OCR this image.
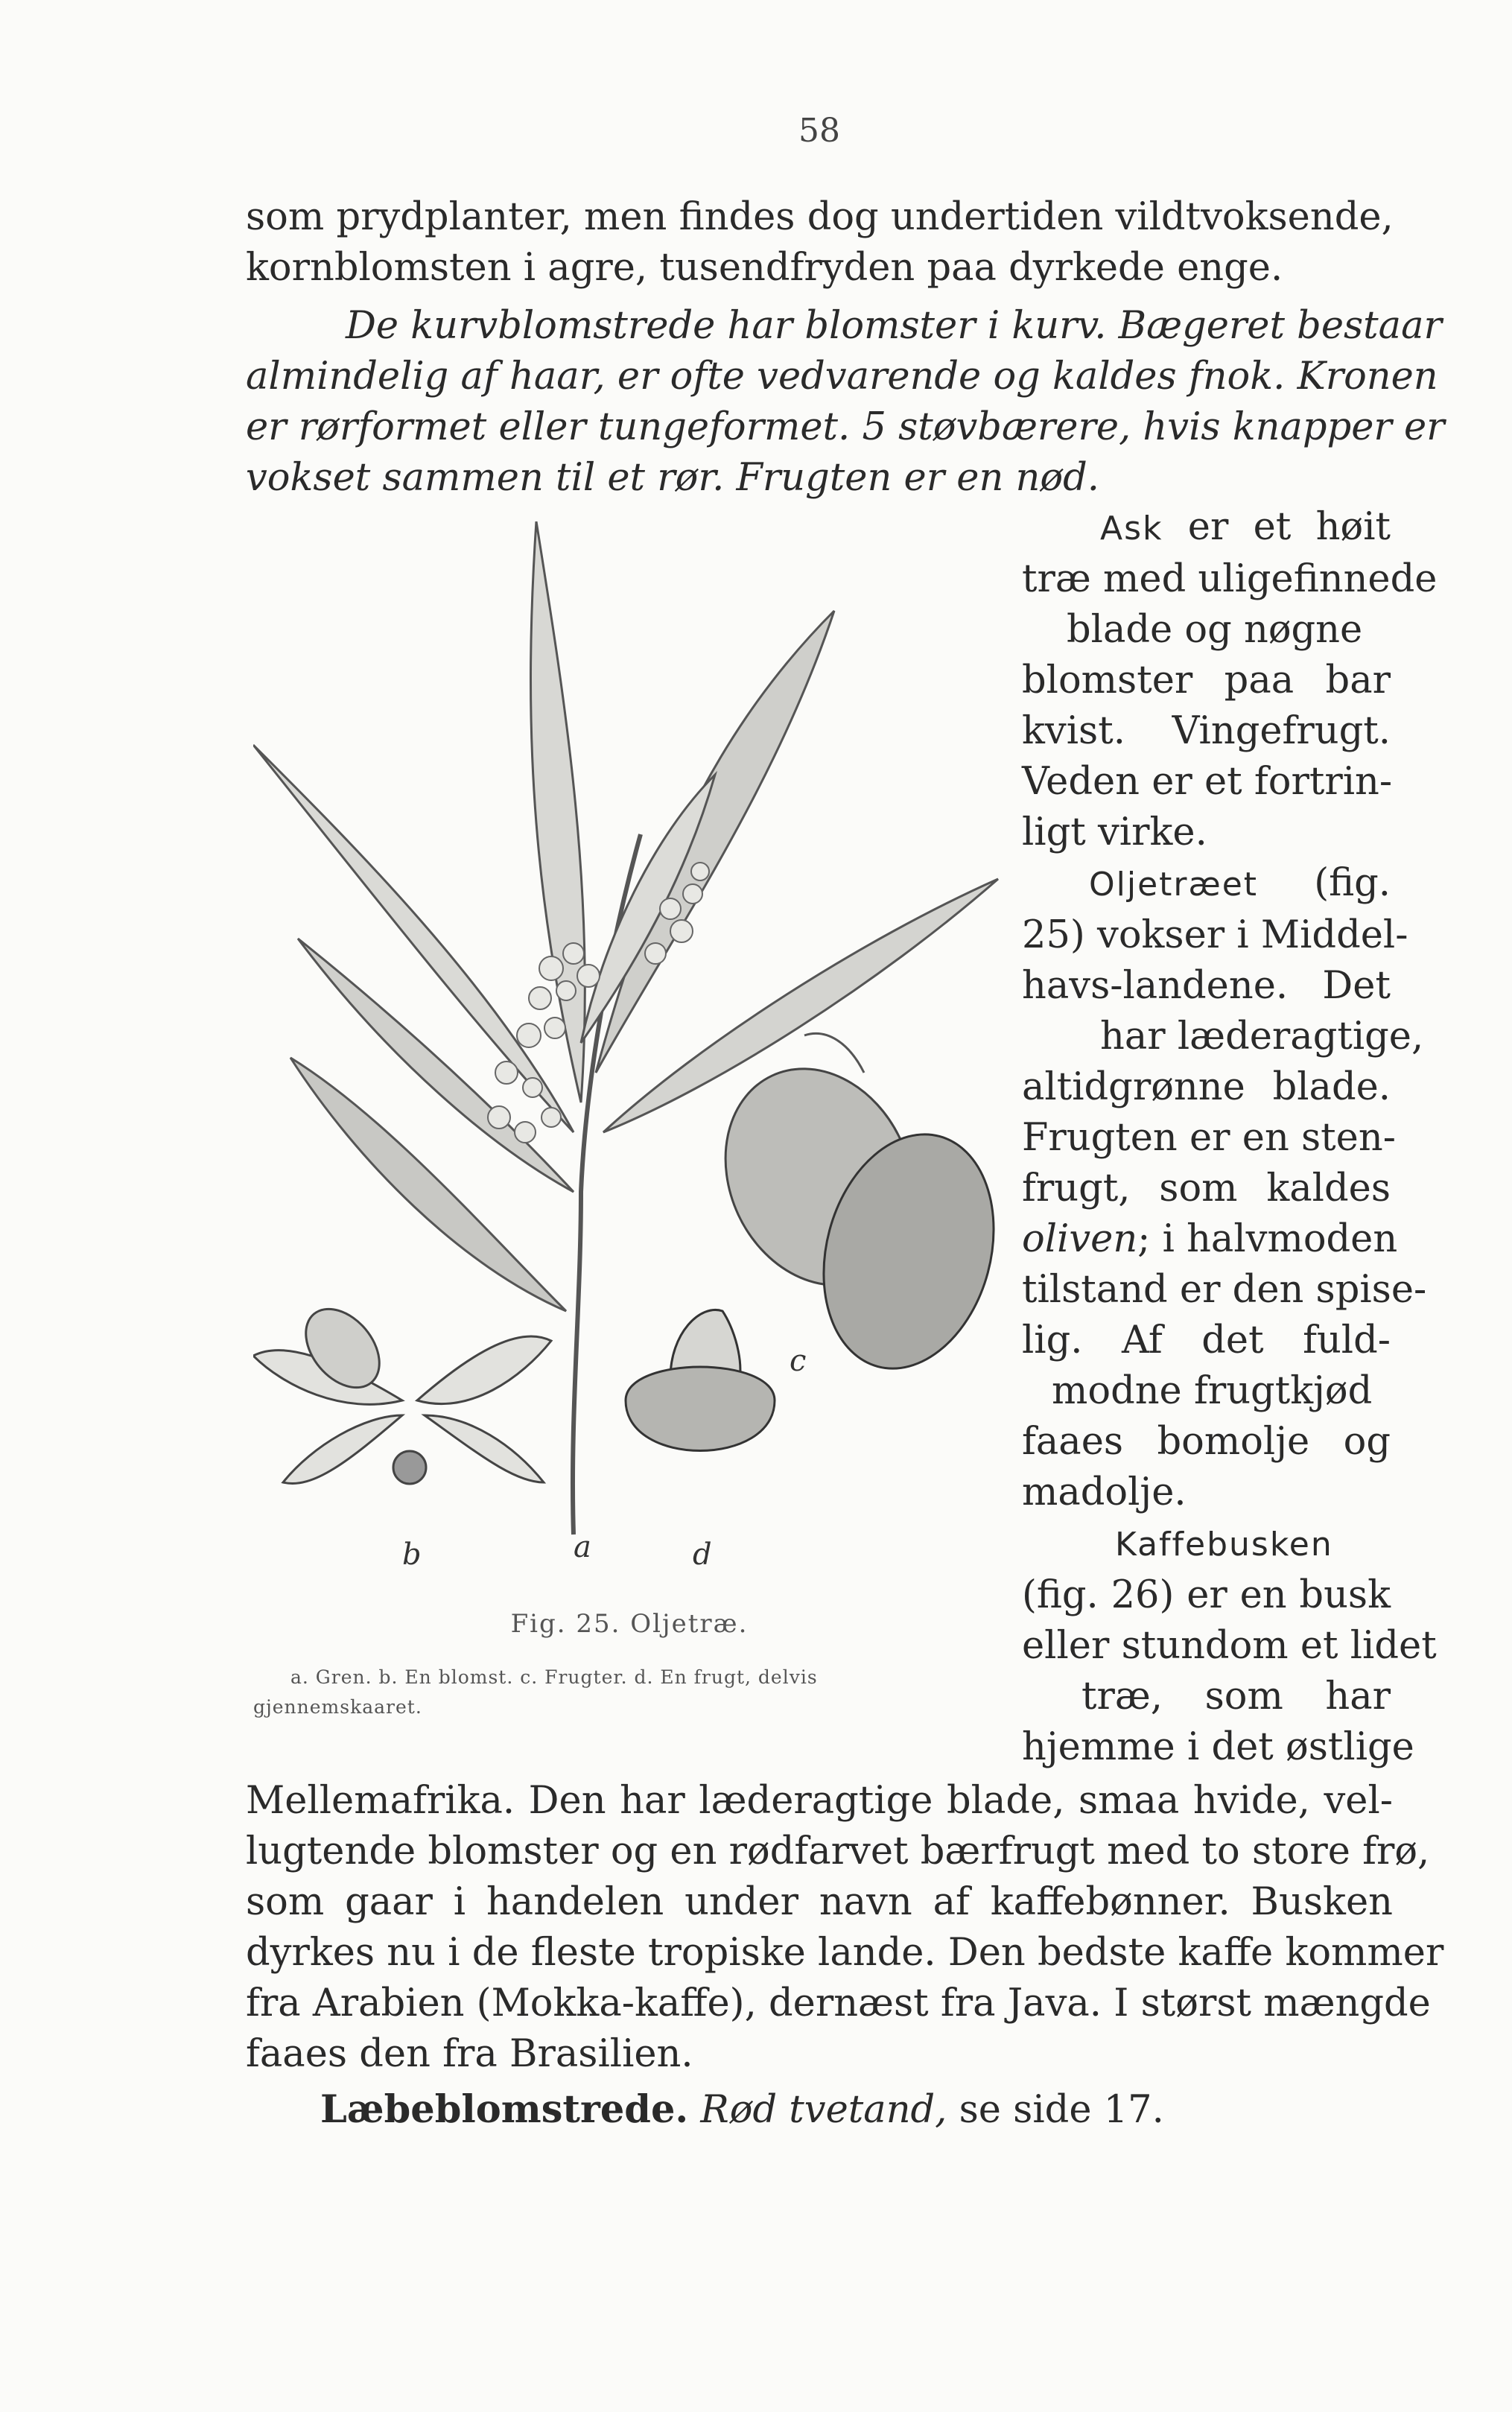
58
som prydplanter, men findes dog undertiden vildtvoksende,
kornblomsten i agre, tusendfryden paa dyrkede enge.
De kurvblomstrede har blomster i kurv. Bægeret bestaar
almindelig af haar, er ofte vedvarende og kaldes fnok. Kronen
er rørformet eller tungeformet. 5 støvbærere, hvis knapper er
vokset sammen til et rør. Frugten er en nød.
Ask er et høit
træ med uligefinnede
blade og nøgne
blomster paa bar
kvist. Vingefrugt.
Veden er et fortrin-
ligt virke.
Oljetræet (fig.
25) vokser i Middel-
havs-landene. Det
har læderagtige,
altidgrønne blade.
Frugten er en sten-
frugt, som kaldes
oliven; i halvmoden
tilstand er den spise-
lig. Af det fuld-
modne frugtkjød
faaes bomolje og
madolje.
Kaffebusken
(fig. 26) er en busk
eller stundom et lidet
træ, som har
hjemme i det østlige
b	a	d
c
Fig. 25. Oljetræ.
a. Gren. b. En blomst. c. Frugter. d. En frugt, delvis
gjennemskaaret.
Mellemafrika. Den har læderagtige blade, smaa hvide, vel-
lugtende blomster og en rødfarvet bærfrugt med to store frø,
som gaar i handelen under navn af kaffebønner. Busken
dyrkes nu i de fleste tropiske lande. Den bedste kaffe kommer
fra Arabien (Mokka-kaffe), dernæst fra Java. I størst mængde
faaes den fra Brasilien.
Læbeblomstrede. Rød tvetand, se side 17.
